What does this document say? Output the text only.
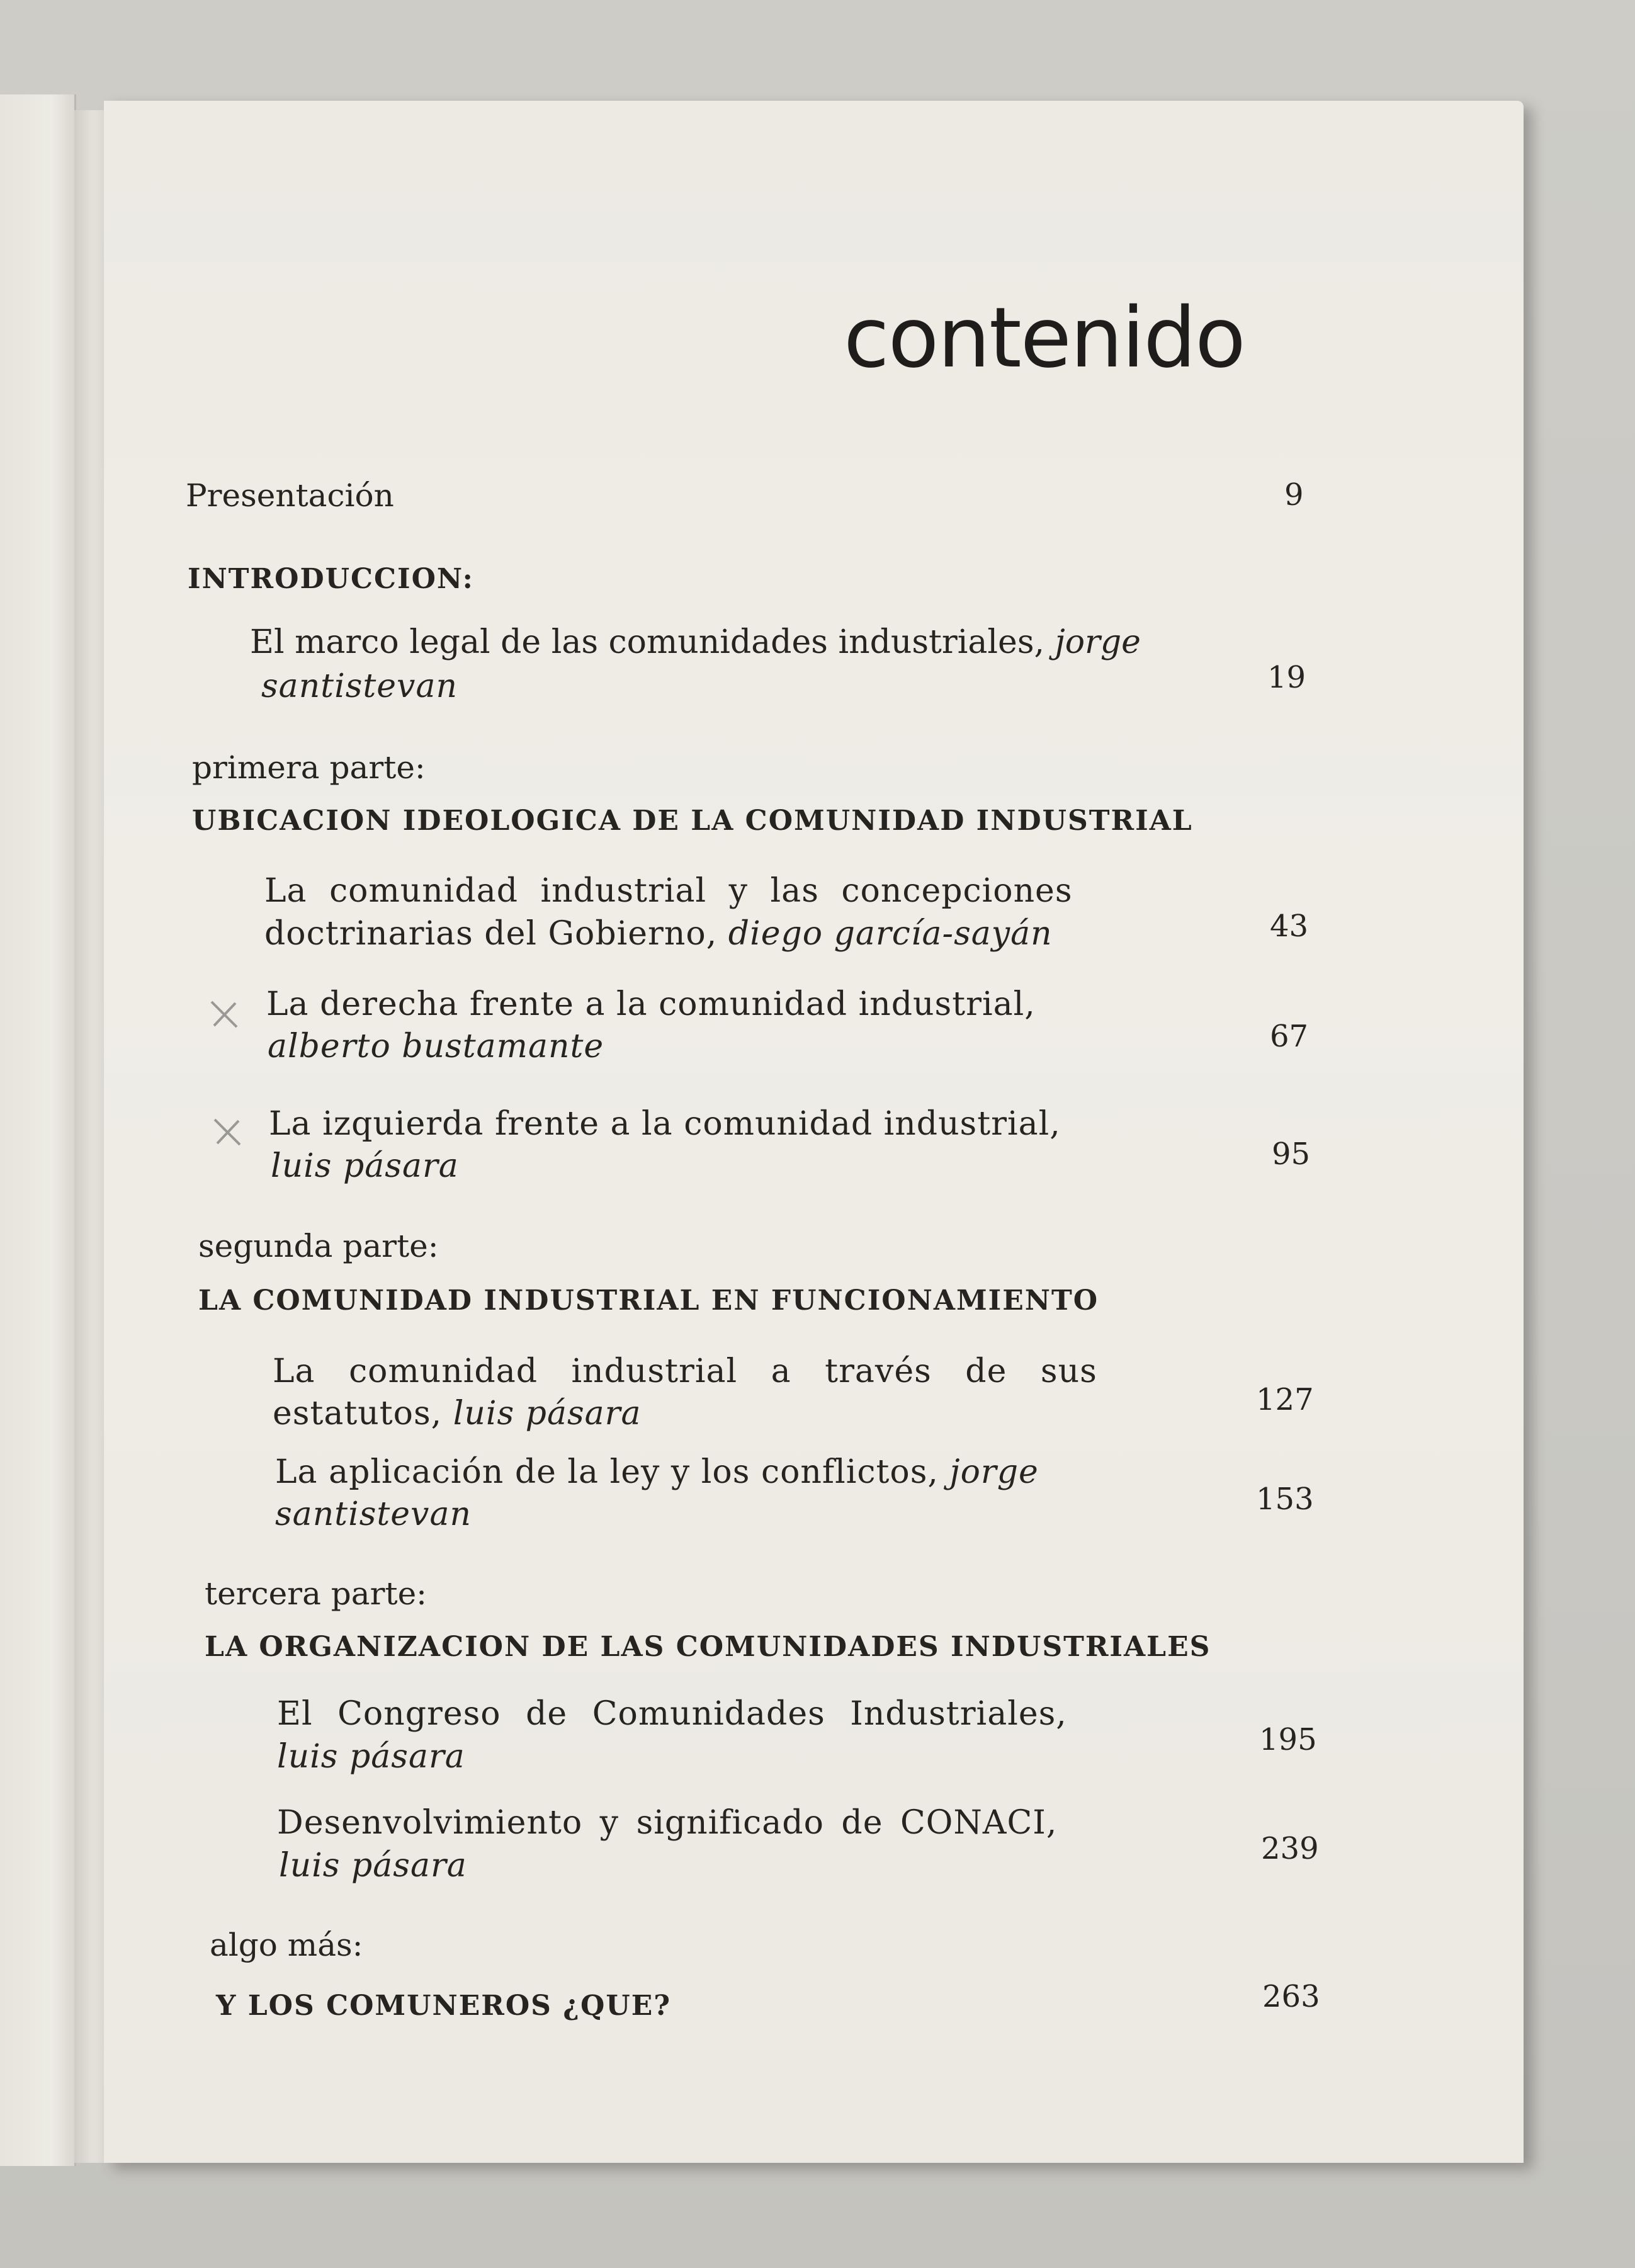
contenido
Presentación	9
INTRODUCCION:
El marco legal de las comunidades industriales, jorge
santistevan	19
primera parte:
UBICACION IDEOLOGICA DE LA COMUNIDAD INDUSTRIAL
La comunidad industrial y las concepciones
doctrinarias del Gobierno, diego garcía-sayán	43
La derecha frente a la comunidad industrial,
alberto bustamante	67
La izquierda frente a la comunidad industrial,
luis pásara	95
segunda parte:
LA COMUNIDAD INDUSTRIAL EN FUNCIONAMIENTO
La comunidad industrial a través de sus
estatutos, luis pásara	127
La aplicación de la ley y los conflictos, jorge
santistevan	153
tercera parte:
LA ORGANIZACION DE LAS COMUNIDADES INDUSTRIALES
El Congreso de Comunidades Industriales,
luis pásara	195
Desenvolvimiento y significado de CONACI,
luis pásara	239
algo más:
Y LOS COMUNEROS ¿QUE?	263
